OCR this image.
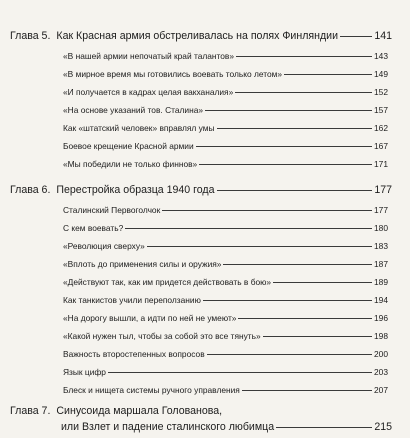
Глава 5. Как Красная армия обстреливалась на полях Финляндии	141
«В нашей армии непочатый край талантов»	143
«В мирное время мы готовились воевать только летом»	149
«И получается в кадрах целая вакханалия»	152
«На основе указаний тов. Сталина»	157
Как «штатский человек» вправлял умы	162
Боевое крещение Красной армии	167
«Мы победили не только финнов»	171
Глава 6. Перестройка образца 1940 года	177
Сталинский Первоголчок	177
С кем воевать?	180
«Революция сверху»	183
«Вплоть до применения силы и оружия»	187
«Действуют так, как им придется действовать в бою»	189
Как танкистов учили переползанию	194
«На дорогу вышли, а идти по ней не умеют»	196
«Какой нужен тыл, чтобы за собой это все тянуть»	198
Важность второстепенных вопросов	200
Язык цифр	203
Блеск и нищета системы ручного управления	207
Глава 7. Синусоида маршала Голованова,
или Взлет и падение сталинского любимца	215
